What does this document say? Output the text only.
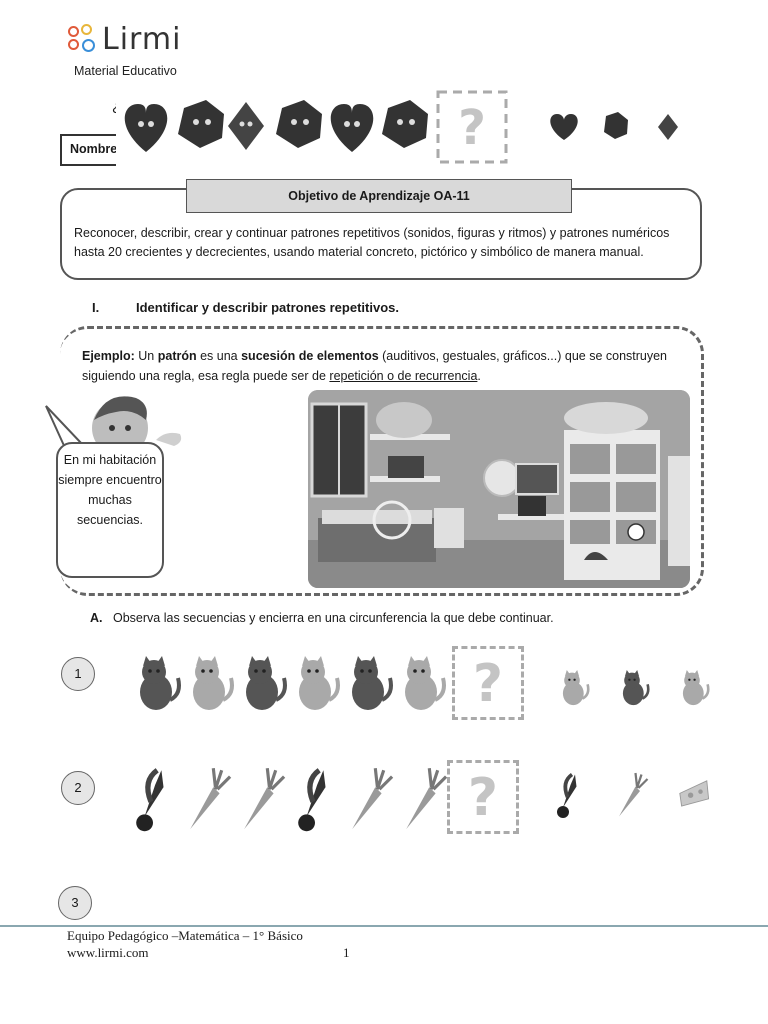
Lirmi
Material Educativo
¿
Nombre	?
Objetivo de Aprendizaje OA-11
Reconocer, describir, crear y continuar patrones repetitivos (sonidos, figuras y ritmos) y patrones numéricos hasta 20 crecientes y decrecientes, usando material concreto, pictórico y simbólico de manera manual.
I.	Identificar y describir patrones repetitivos.
Ejemplo: Un patrón es una sucesión de elementos (auditivos, gestuales, gráficos...) que se construyen siguiendo una regla, esa regla puede ser de repetición o de recurrencia.
En mi habitación siempre encuentro muchas secuencias.
A. Observa las secuencias y encierra en una circunferencia la que debe continuar.
1	?
2	?
3
Equipo Pedagógico –Matemática – 1° Básico
www.lirmi.com	1
